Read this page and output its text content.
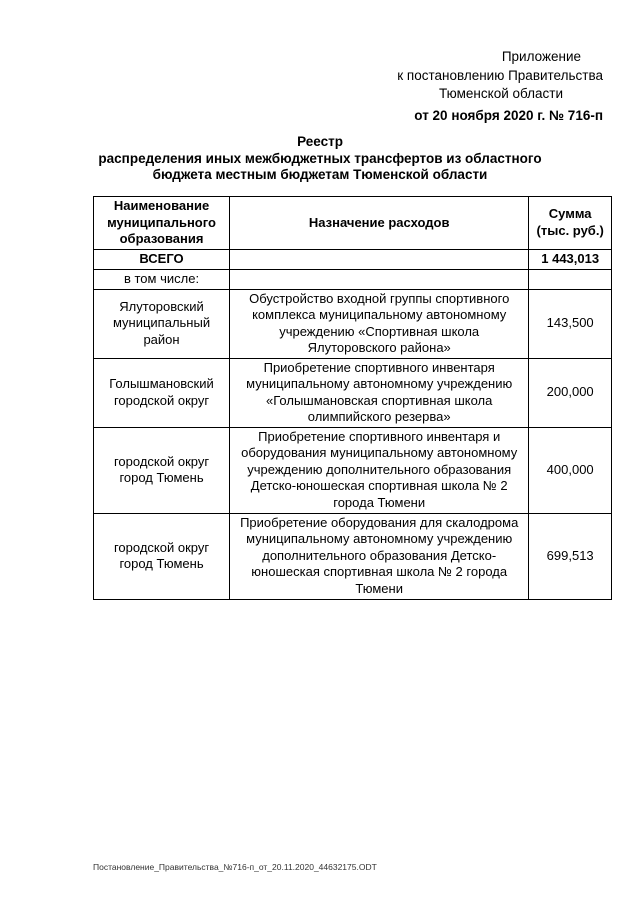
Приложение
к постановлению Правительства
Тюменской области
от 20 ноября 2020 г. № 716-п
Реестр
распределения иных межбюджетных трансфертов из областного
бюджета местным бюджетам Тюменской области
Наименование муниципального образования	Назначение расходов	Сумма (тыс. руб.)
ВСЕГО		1 443,013
в том числе:		
Ялуторовский муниципальный район	Обустройство входной группы спортивного комплекса муниципальному автономному учреждению «Спортивная школа Ялуторовского района»	143,500
Голышмановский городской округ	Приобретение спортивного инвентаря муниципальному автономному учреждению «Голышмановская спортивная школа олимпийского резерва»	200,000
городской округ город Тюмень	Приобретение спортивного инвентаря и оборудования муниципальному автономному учреждению дополнительного образования Детско-юношеская спортивная школа № 2 города Тюмени	400,000
городской округ город Тюмень	Приобретение оборудования для скалодрома муниципальному автономному учреждению дополнительного образования Детско-юношеская спортивная школа № 2 города Тюмени	699,513
Постановление_Правительства_№716-п_от_20.11.2020_44632175.ODT
